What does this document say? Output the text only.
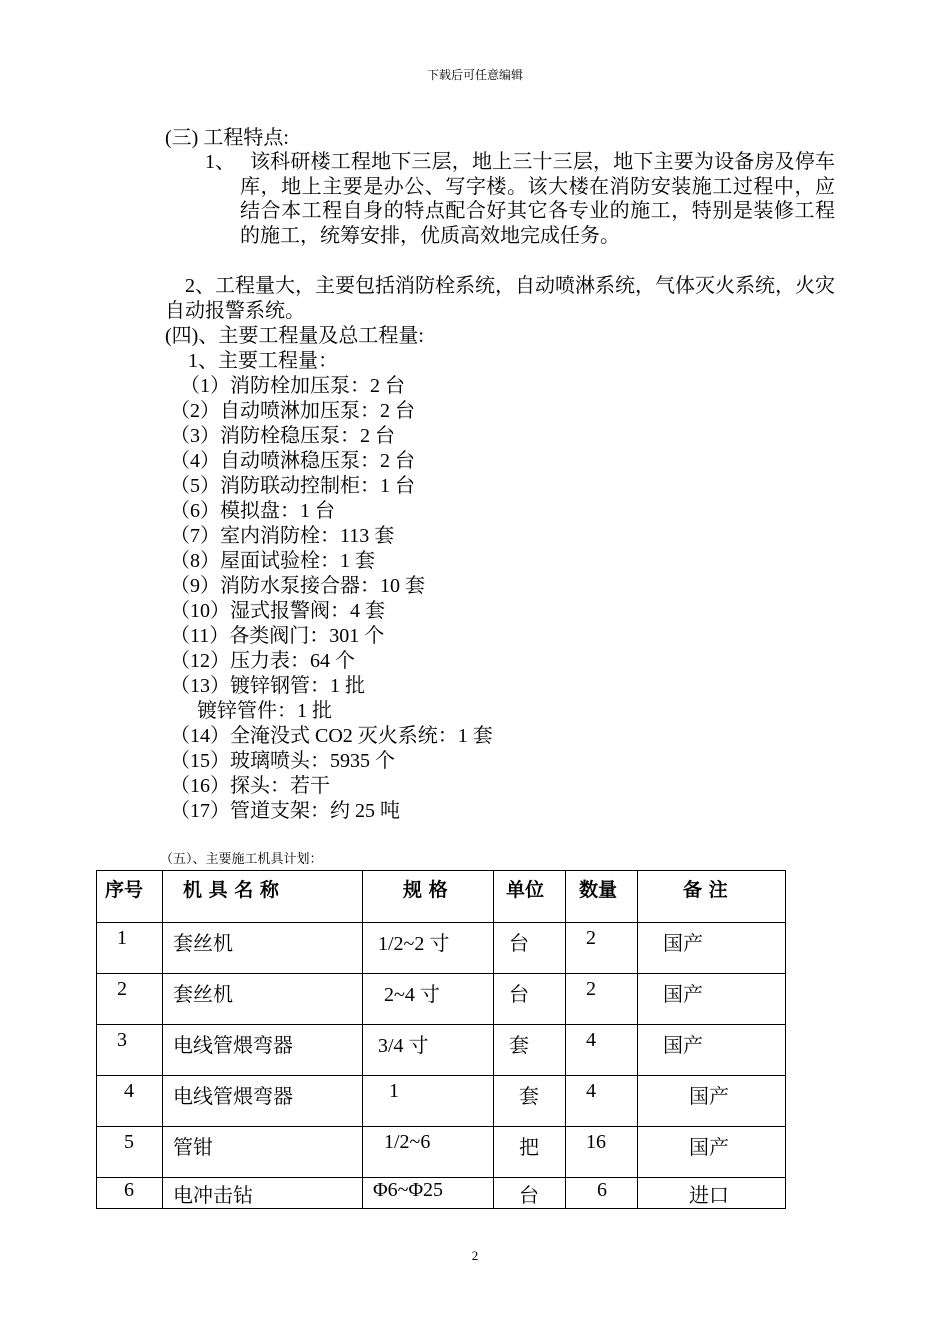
下载后可任意编辑
(三) 工程特点:
1、 该科研楼工程地下三层，地上三十三层，地下主要为设备房及停车库，地上主要是办公、写字楼。该大楼在消防安装施工过程中，应结合本工程自身的特点配合好其它各专业的施工，特别是装修工程的施工，统筹安排，优质高效地完成任务。
2、工程量大，主要包括消防栓系统，自动喷淋系统，气体灭火系统，火灾自动报警系统。
(四)、主要工程量及总工程量:
1、主要工程量：
（1）消防栓加压泵：2 台
（2）自动喷淋加压泵：2 台
（3）消防栓稳压泵：2 台
（4）自动喷淋稳压泵：2 台
（5）消防联动控制柜：1 台
（6）模拟盘：1 台
（7）室内消防栓：113 套
（8）屋面试验栓：1 套
（9）消防水泵接合器：10 套
（10）湿式报警阀：4 套
（11）各类阀门：301 个
（12）压力表：64 个
（13）镀锌钢管：1 批
镀锌管件：1 批
（14）全淹没式 CO2 灭火系统：1 套
（15）玻璃喷头：5935 个
（16）探头：若干
（17）管道支架：约 25 吨
（五）、主要施工机具计划：
序号	机 具 名 称	规 格	单位	数量	备 注
1	套丝机	1/2~2 寸	台	2	国产
2	套丝机	2~4 寸	台	2	国产
3	电线管煨弯器	3/4 寸	套	4	国产
4	电线管煨弯器	1	套	4	国产
5	管钳	1/2~6	把	16	国产
6	电冲击钻	Φ6~Φ25	台	6	进口
2
